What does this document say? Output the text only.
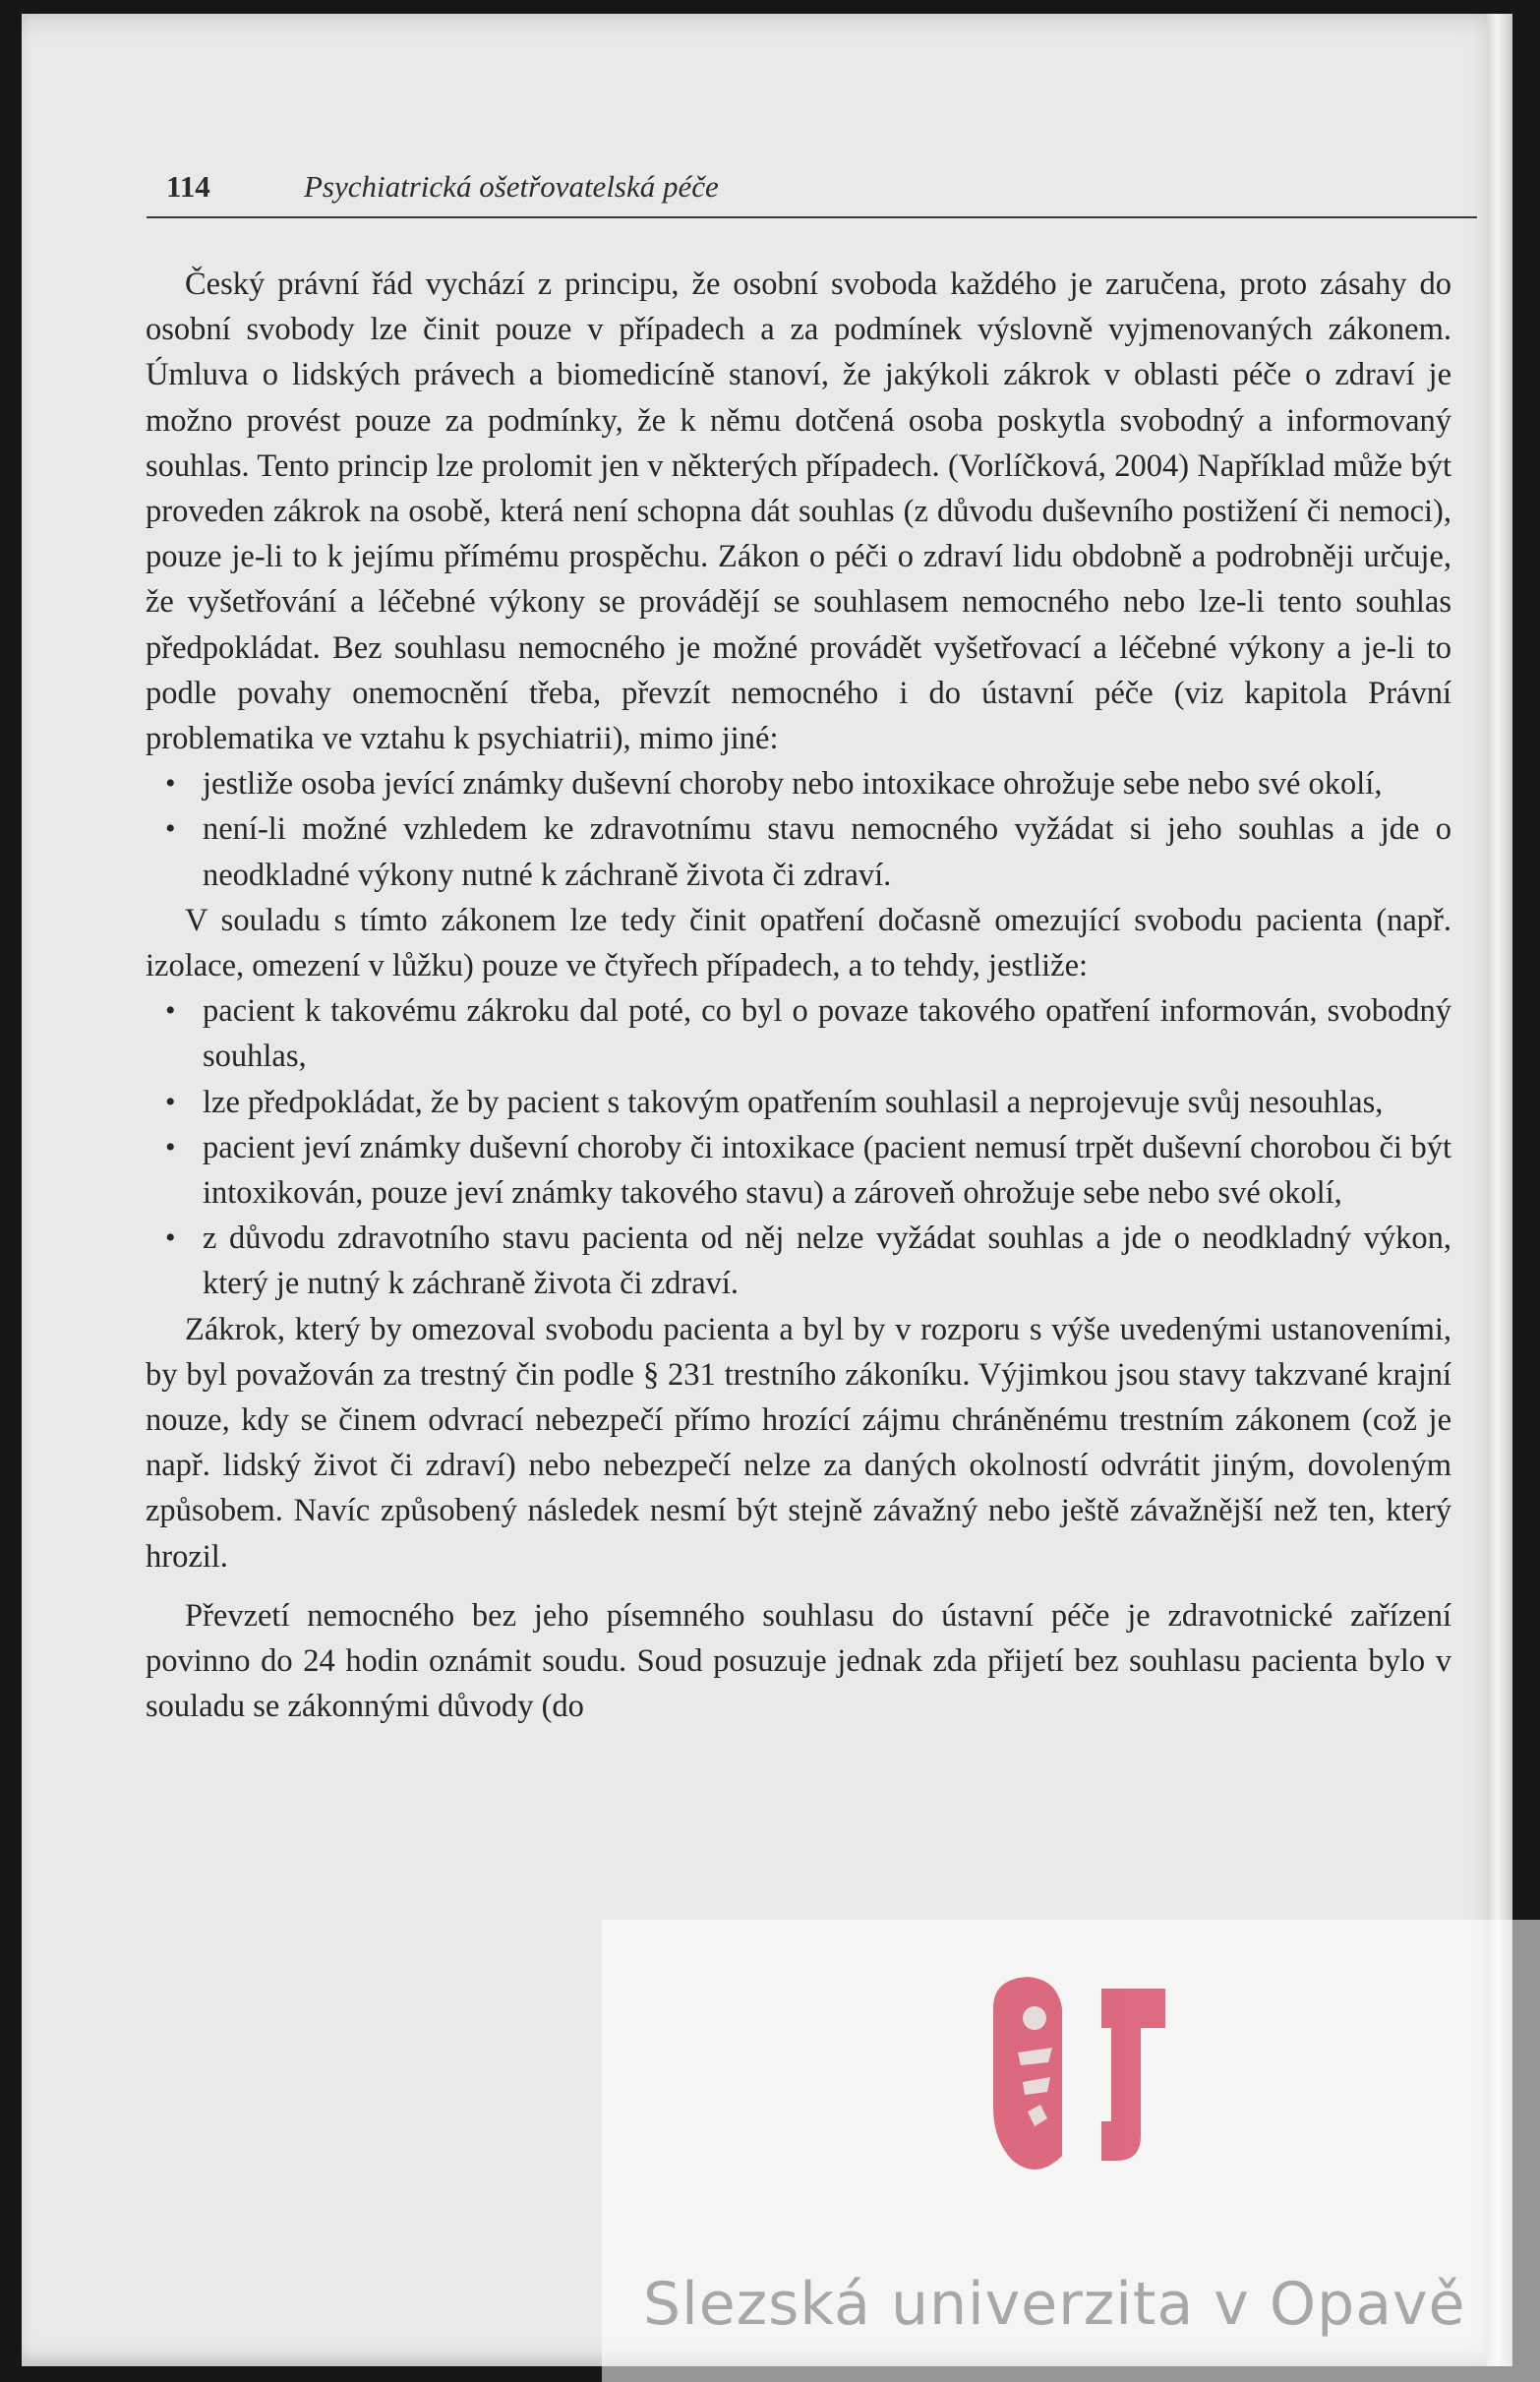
114	Psychiatrická ošetřovatelská péče

Český právní řád vychází z principu, že osobní svoboda každého je zaručena, proto zásahy do osobní svobody lze činit pouze v případech a za podmínek výslovně vyjmenovaných zákonem. Úmluva o lidských právech a biomedicíně stanoví, že jakýkoli zákrok v oblasti péče o zdraví je možno provést pouze za podmínky, že k němu dotčená osoba poskytla svobodný a informovaný souhlas. Tento princip lze prolomit jen v některých případech. (Vorlíčková, 2004) Například může být proveden zákrok na osobě, která není schopna dát souhlas (z důvodu duševního postižení či nemoci), pouze je-li to k jejímu přímému prospěchu. Zákon o péči o zdraví lidu obdobně a podrobněji určuje, že vyšetřování a léčebné výkony se provádějí se souhlasem nemocného nebo lze-li tento souhlas předpokládat. Bez souhlasu nemocného je možné provádět vyšetřovací a léčebné výkony a je-li to podle povahy onemocnění třeba, převzít nemocného i do ústavní péče (viz kapitola Právní problematika ve vztahu k psychiatrii), mimo jiné:

• jestliže osoba jevící známky duševní choroby nebo intoxikace ohrožuje sebe nebo své okolí,
• není-li možné vzhledem ke zdravotnímu stavu nemocného vyžádat si jeho souhlas a jde o neodkladné výkony nutné k záchraně života či zdraví.

V souladu s tímto zákonem lze tedy činit opatření dočasně omezující svobodu pacienta (např. izolace, omezení v lůžku) pouze ve čtyřech případech, a to tehdy, jestliže:

• pacient k takovému zákroku dal poté, co byl o povaze takového opatření informován, svobodný souhlas,
• lze předpokládat, že by pacient s takovým opatřením souhlasil a neprojevuje svůj nesouhlas,
• pacient jeví známky duševní choroby či intoxikace (pacient nemusí trpět duševní chorobou či být intoxikován, pouze jeví známky takového stavu) a zároveň ohrožuje sebe nebo své okolí,
• z důvodu zdravotního stavu pacienta od něj nelze vyžádat souhlas a jde o neodkladný výkon, který je nutný k záchraně života či zdraví.

Zákrok, který by omezoval svobodu pacienta a byl by v rozporu s výše uvedenými ustanoveními, by byl považován za trestný čin podle § 231 trestního zákoníku. Výjimkou jsou stavy takzvané krajní nouze, kdy se činem odvrací nebezpečí přímo hrozící zájmu chráněnému trestním zákonem (což je např. lidský život či zdraví) nebo nebezpečí nelze za daných okolností odvrátit jiným, dovoleným způsobem. Navíc způsobený následek nesmí být stejně závažný nebo ještě závažnější než ten, který hrozil.

Převzetí nemocného bez jeho písemného souhlasu do ústavní péče je zdravotnické zařízení povinno do 24 hodin oznámit soudu. Soud posuzuje jednak zda přijetí bez souhlasu pacienta bylo v souladu se zákonnými důvody (do

Slezská univerzita v Opavě
